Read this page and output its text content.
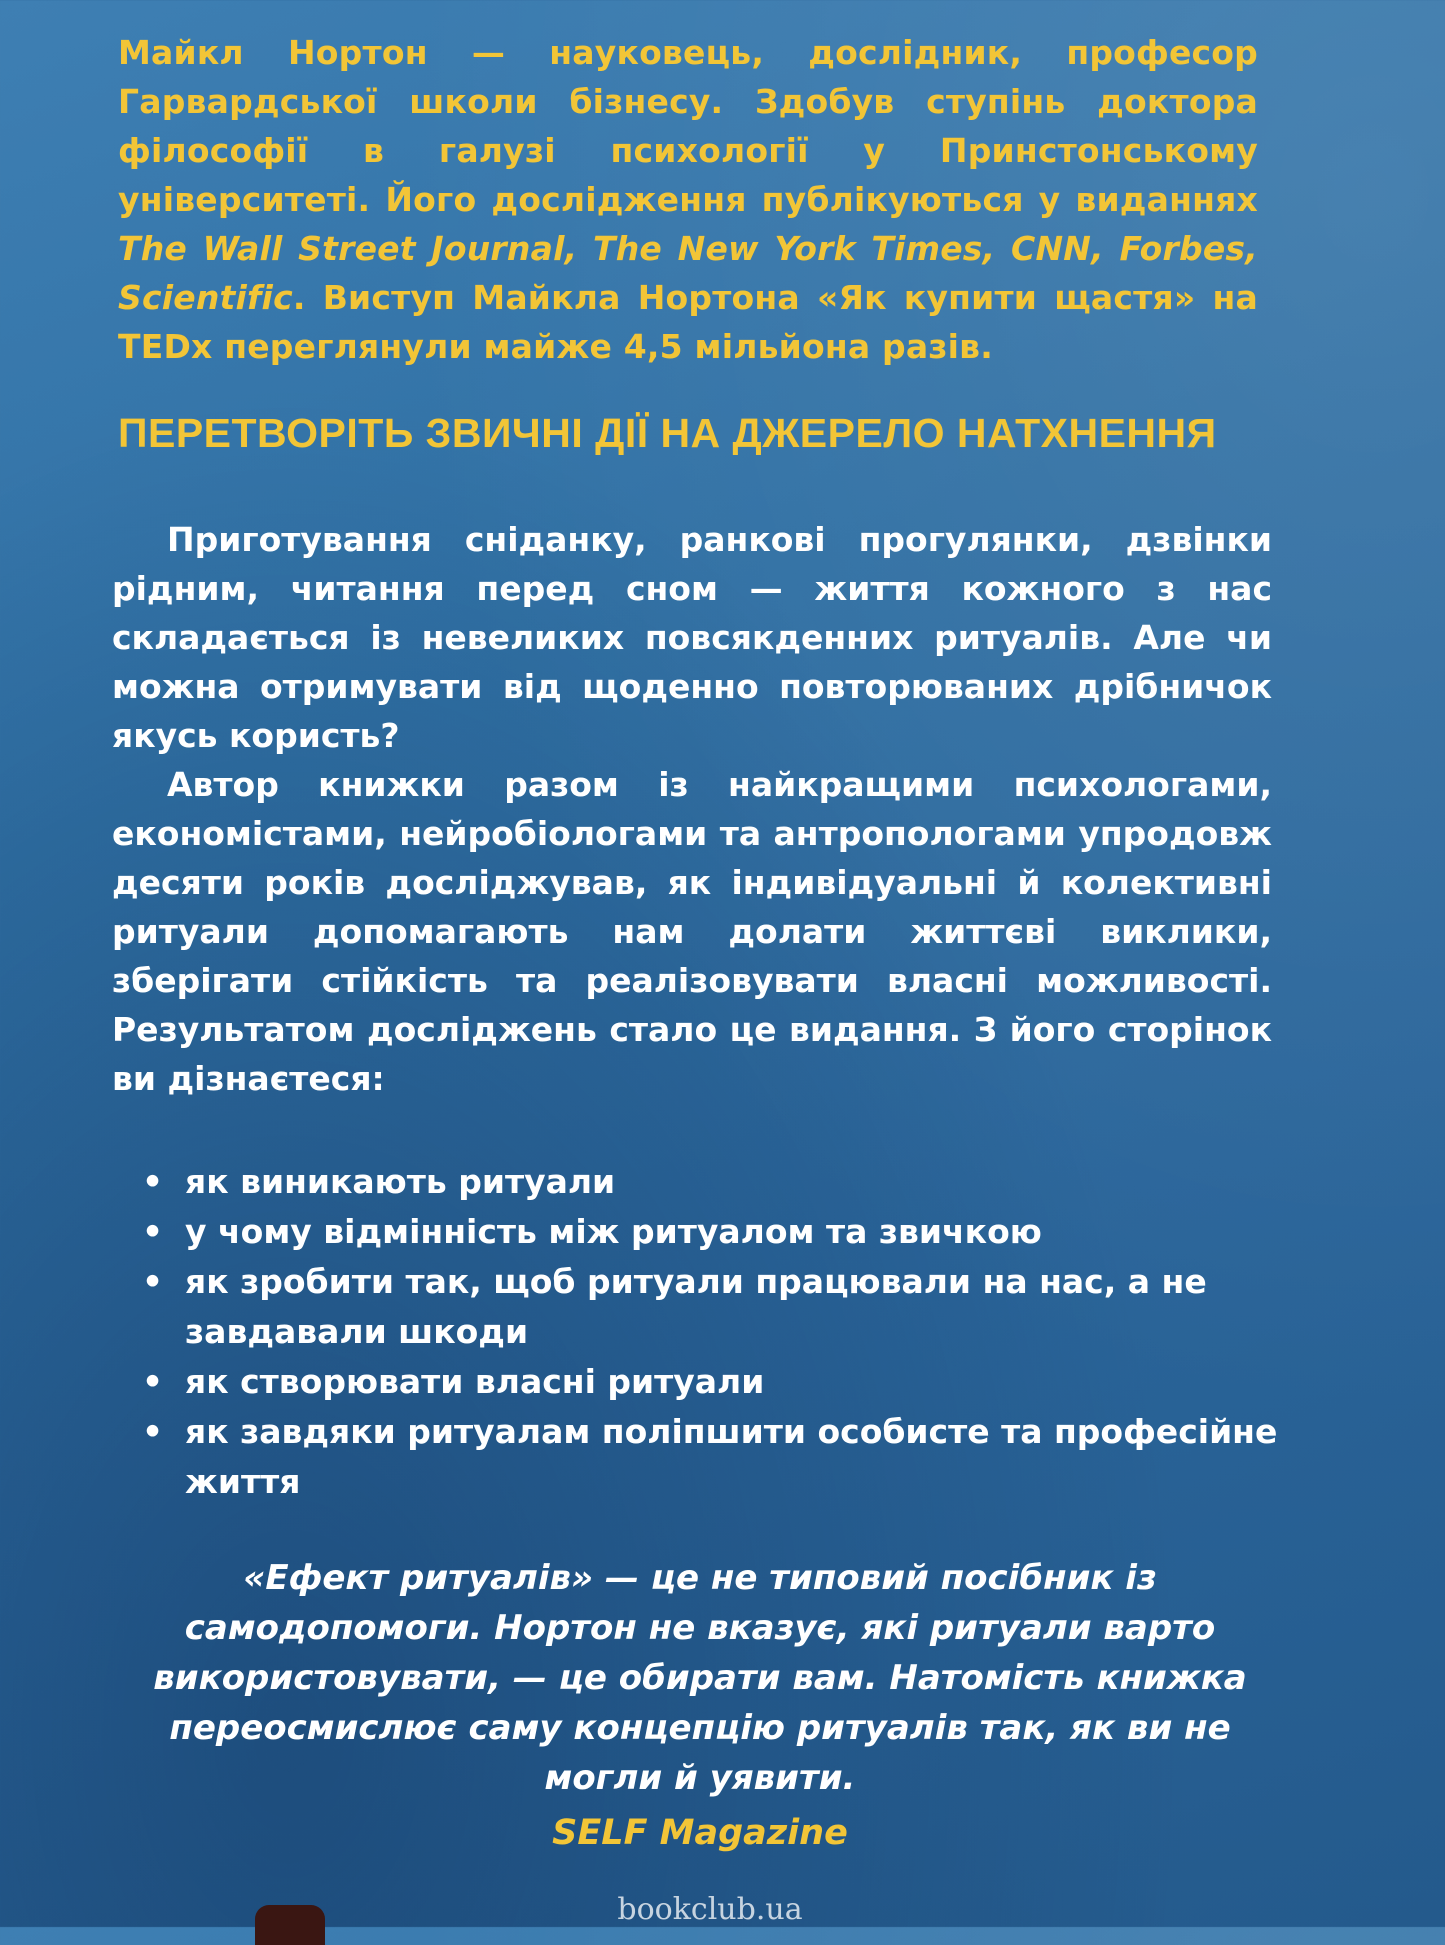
Майкл Нортон — науковець, дослідник, професор Гарвардської школи бізнесу. Здобув ступінь доктора філософії в галузі психології у Принстонському університеті. Його дослідження публікуються у виданнях The Wall Street Journal, The New York Times, CNN, Forbes, Scientific. Виступ Майкла Нортона «Як купити щастя» на TEDx переглянули майже 4,5 мільйона разів.
ПЕРЕТВОРІТЬ ЗВИЧНІ ДІЇ НА ДЖЕРЕЛО НАТХНЕННЯ

Приготування сніданку, ранкові прогулянки, дзвінки рідним, читання перед сном — життя кожного з нас складається із невеликих повсякденних ритуалів. Але чи можна отримувати від щоденно повторюваних дрібничок якусь користь?

Автор книжки разом із найкращими психологами, економістами, нейробіологами та антропологами упродовж десяти років досліджував, як індивідуальні й колективні ритуали допомагають нам долати життєві виклики, зберігати стійкість та реалізовувати власні можливості. Результатом досліджень стало це видання. З його сторінок ви дізнаєтеся:

• як виникають ритуали
• у чому відмінність між ритуалом та звичкою
• як зробити так, щоб ритуали працювали на нас, а не завдавали шкоди
• як створювати власні ритуали
• як завдяки ритуалам поліпшити особисте та професійне життя
«Ефект ритуалів» — це не типовий посібник із самодопомоги. Нортон не вказує, які ритуали варто використовувати, — це обирати вам. Натомість книжка переосмислює саму концепцію ритуалів так, як ви не могли й уявити.
SELF Magazine
bookclub.ua
